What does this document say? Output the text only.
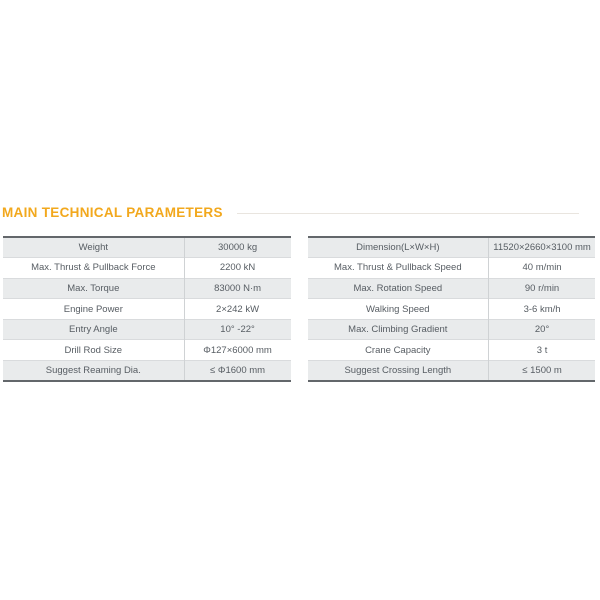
MAIN TECHNICAL PARAMETERS
Weight	30000 kg
Max. Thrust & Pullback Force	2200 kN
Max. Torque	83000 N·m
Engine Power	2×242 kW
Entry Angle	10° -22°
Drill Rod Size	Φ127×6000 mm
Suggest Reaming Dia.	≤ Φ1600 mm
Dimension(L×W×H)	11520×2660×3100 mm
Max. Thrust & Pullback Speed	40 m/min
Max. Rotation Speed	90 r/min
Walking Speed	3-6 km/h
Max. Climbing Gradient	20°
Crane Capacity	3 t
Suggest Crossing Length	≤ 1500 m
